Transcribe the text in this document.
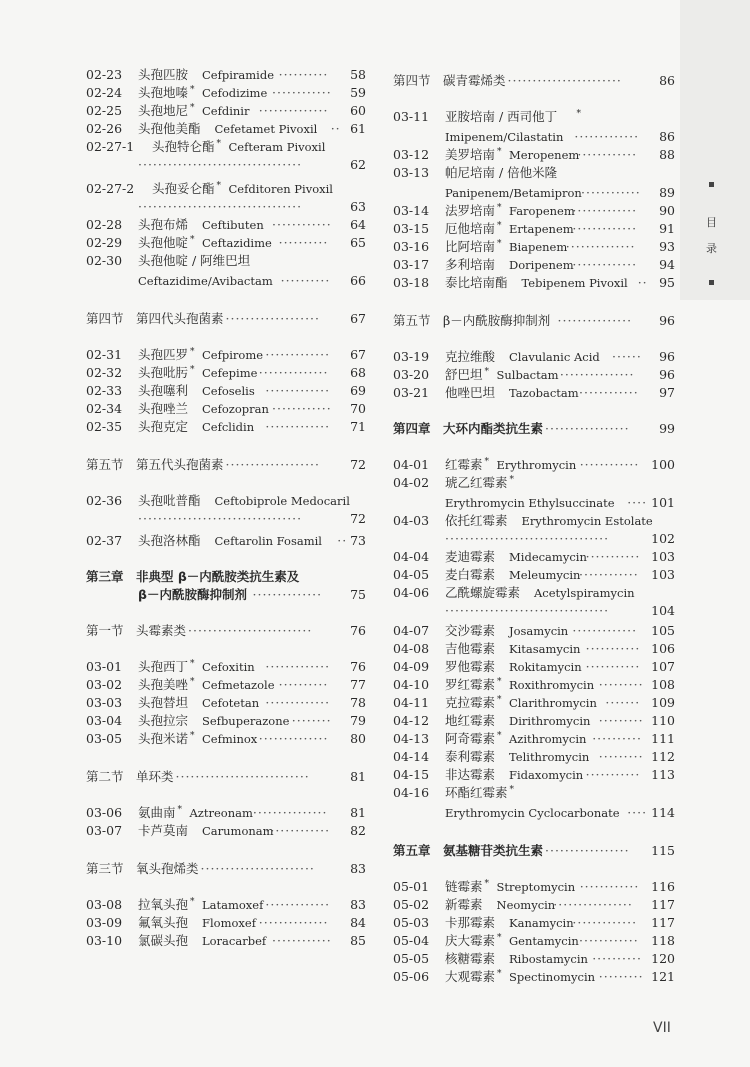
02-23 头孢匹胺 Cefpiramide ··········	58
02-24 头孢地嗪 * Cefodizime ············	59
02-25 头孢地尼 * Cefdinir ··············	60
02-26 头孢他美酯 Cefetamet Pivoxil ·· 61
02-27-1 头孢特仑酯 * Cefteram Pivoxil
·································	62
02-27-2 头孢妥仑酯 * Cefditoren Pivoxil
·································	63
02-28 头孢布烯 Ceftibuten ············	64
02-29 头孢他啶 * Ceftazidime ··········	65
02-30 头孢他啶 / 阿维巴坦
Ceftazidime/Avibactam ··········	66
第四节　第四代头孢菌素 ···················	67
02-31 头孢匹罗 * Cefpirome ·············	67
02-32 头孢吡肟 * Cefepime ··············	68
02-33 头孢噻利 Cefoselis ·············	69
02-34 头孢唑兰 Cefozopran ············	70
02-35 头孢克定 Cefclidin ·············	71
第五节　第五代头孢菌素 ···················	72
02-36 头孢吡普酯 Ceftobiprole Medocaril
·································	72
02-37 头孢洛林酯 Ceftarolin Fosamil ·· 73
第三章　非典型 β－内酰胺类抗生素及
β－内酰胺酶抑制剂 ··············	75
第一节　头霉素类 ·························	76
03-01 头孢西丁 * Cefoxitin ·············	76
03-02 头孢美唑 * Cefmetazole ··········	77
03-03 头孢替坦 Cefotetan ·············	78
03-04 头孢拉宗 Sefbuperazone ········	79
03-05 头孢米诺 * Cefminox ··············	80
第二节　单环类 ···························	81
03-06 氨曲南 * Aztreonam ···············	81
03-07 卡芦莫南 Carumonam
·············	82
第三节　氧头孢烯类 ·······················	83
03-08 拉氧头孢 * Latamoxef ·············	83
03-09 氟氧头孢 Flomoxef ··············	84
03-10 氯碳头孢 Loracarbef ············	85
第四节　碳青霉烯类 ·······················	86
03-11 亚胺培南 / 西司他丁 *
Imipenem/Cilastatin ·············	86
03-12 美罗培南 * Meropenem
·············	88
03-13 帕尼培南 / 倍他米隆
Panipenem/Betamipron ············	89
03-14 法罗培南 * Faropenem
·············	90
03-15 厄他培南 * Ertapenem
·············	91
03-16 比阿培南 * Biapenem
··············	93
03-17 多利培南 Doripenem
·············	94
03-18 泰比培南酯 Tebipenem Pivoxil ·· 95
第五节　β－内酰胺酶抑制剂 ···············	96
03-19 克拉维酸 Clavulanic Acid ······	96
03-20 舒巴坦 * Sulbactam ···············	96
03-21 他唑巴坦 Tazobactam ············	97
第四章　大环内酯类抗生素 ·················	99
04-01 红霉素 * Erythromycin ············ 100
04-02 琥乙红霉素 *
Erythromycin Ethylsuccinate ···· 101
04-03 依托红霉素 Erythromycin Estolate
·································	102
04-04 麦迪霉素 Midecamycin
··········· 103
04-05 麦白霉素 Meleumycin
············ 103
04-06 乙酰螺旋霉素 Acetylspiramycin
·································	104
04-07 交沙霉素 Josamycin ·············	105
04-08 吉他霉素 Kitasamycin ··········· 106
04-09 罗他霉素 Rokitamycin ··········· 107
04-10 罗红霉素 * Roxithromycin ········· 108
04-11 克拉霉素 * Clarithromycin ······· 109
04-12 地红霉素 Dirithromycin ········· 110
04-13 阿奇霉素 * Azithromycin ·········· 111
04-14 泰利霉素 Telithromycin ········· 112
04-15 非达霉素 Fidaxomycin ··········· 113
04-16 环酯红霉素 *
Erythromycin Cyclocarbonate ···· 114
第五章　氨基糖苷类抗生素 ·················	115
05-01 链霉素 * Streptomycin ············ 116
05-02 新霉素 Neomycin
················	117
05-03 卡那霉素 Kanamycin
·············	117
05-04 庆大霉素 * Gentamycin ············ 118
05-05 核糖霉素 Ribostamycin ·········· 120
05-06 大观霉素 * Spectinomycin ········· 121
目
录
VII
